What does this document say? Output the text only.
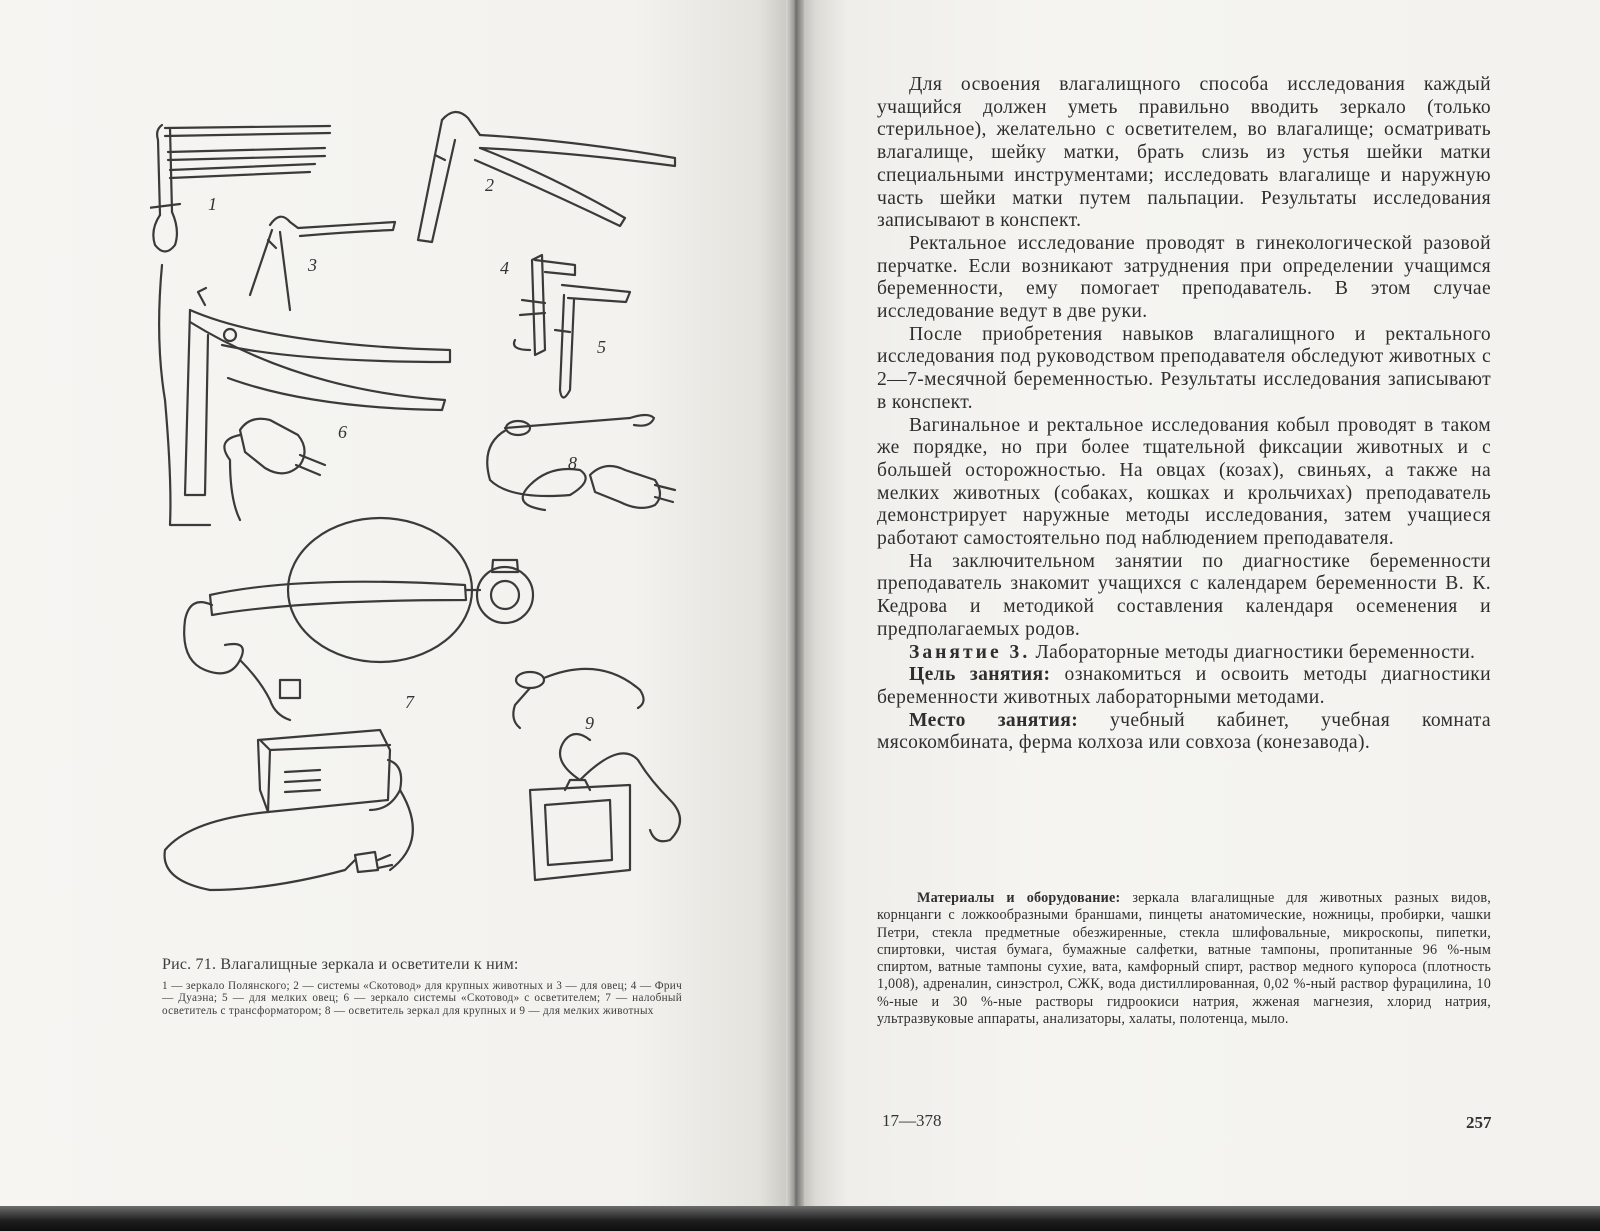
1
2
3	4
5
6
7
8
9
Рис. 71. Влагалищные зеркала и осветители к ним:
1 — зеркало Полянского; 2 — системы «Скотовод» для крупных животных и 3 — для овец; 4 — Фрич — Дуаэна; 5 — для мелких овец; 6 — зеркало системы «Скотовод» с осветителем; 7 — налобный осветитель с трансформатором; 8 — осветитель зеркал для крупных и 9 — для мелких животных

Для освоения влагалищного способа исследования каждый учащийся должен уметь правильно вводить зеркало (только стерильное), желательно с осветителем, во влагалище; осматривать влагалище, шейку матки, брать слизь из устья шейки матки специальными инструментами; исследовать влагалище и наружную часть шейки матки путем пальпации. Результаты исследования записывают в конспект.

Ректальное исследование проводят в гинекологической разовой перчатке. Если возникают затруднения при определении учащимся беременности, ему помогает преподаватель. В этом случае исследование ведут в две руки.

После приобретения навыков влагалищного и ректального исследования под руководством преподавателя обследуют животных с 2—7-месячной беременностью. Результаты исследования записывают в конспект.

Вагинальное и ректальное исследования кобыл проводят в таком же порядке, но при более тщательной фиксации животных и с большей осторожностью. На овцах (козах), свиньях, а также на мелких животных (собаках, кошках и крольчихах) преподаватель демонстрирует наружные методы исследования, затем учащиеся работают самостоятельно под наблюдением преподавателя.

На заключительном занятии по диагностике беременности преподаватель знакомит учащихся с календарем беременности В. К. Кедрова и методикой составления календаря осеменения и предполагаемых родов.

Занятие 3. Лабораторные методы диагностики беременности.

Цель занятия: ознакомиться и освоить методы диагностики беременности животных лабораторными методами.

Место занятия: учебный кабинет, учебная комната мясокомбината, ферма колхоза или совхоза (конезавода).

Материалы и оборудование: зеркала влагалищные для животных разных видов, корнцанги с ложкообразными браншами, пинцеты анатомические, ножницы, пробирки, чашки Петри, стекла предметные обезжиренные, стекла шлифовальные, микроскопы, пипетки, спиртовки, чистая бумага, бумажные салфетки, ватные тампоны, пропитанные 96 %-ным спиртом, ватные тампоны сухие, вата, камфорный спирт, раствор медного купороса (плотность 1,008), адреналин, синэстрол, СЖК, вода дистиллированная, 0,02 %-ный раствор фурацилина, 10 %-ные и 30 %-ные растворы гидроокиси натрия, жженая магнезия, хлорид натрия, ультразвуковые аппараты, анализаторы, халаты, полотенца, мыло.

17—378	257
